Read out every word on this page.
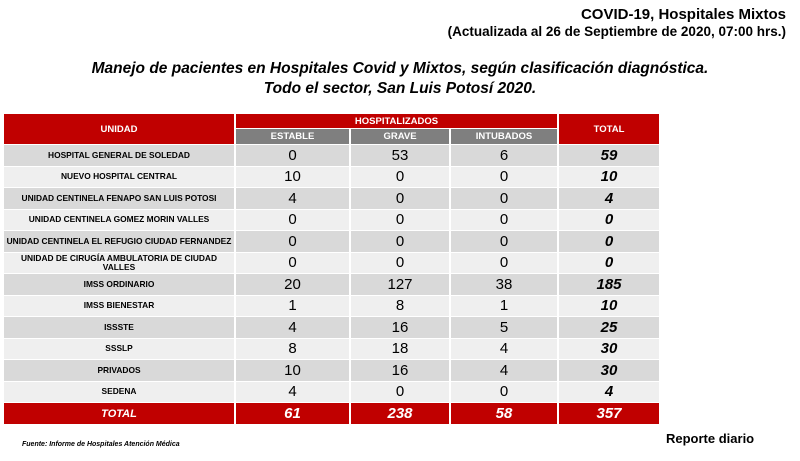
COVID-19, Hospitales Mixtos
(Actualizada al 26 de Septiembre de 2020, 07:00 hrs.)
Manejo de pacientes en Hospitales Covid y Mixtos, según clasificación diagnóstica.
Todo el sector, San Luis Potosí 2020.
UNIDAD	HOSPITALIZADOS			TOTAL
	ESTABLE	GRAVE	INTUBADOS	
HOSPITAL GENERAL DE SOLEDAD	0	53	6	59
NUEVO HOSPITAL CENTRAL	10	0	0	10
UNIDAD CENTINELA FENAPO SAN LUIS POTOSI	4	0	0	4
UNIDAD CENTINELA GOMEZ MORIN VALLES	0	0	0	0
UNIDAD CENTINELA EL REFUGIO CIUDAD FERNANDEZ	0	0	0	0
UNIDAD DE CIRUGÍA AMBULATORIA DE CIUDAD VALLES	0	0	0	0
IMSS ORDINARIO	20	127	38	185
IMSS BIENESTAR	1	8	1	10
ISSSTE	4	16	5	25
SSSLP	8	18	4	30
PRIVADOS	10	16	4	30
SEDENA	4	0	0	4
TOTAL	61	238	58	357
Fuente: Informe de Hospitales Atención Médica	Reporte diario
